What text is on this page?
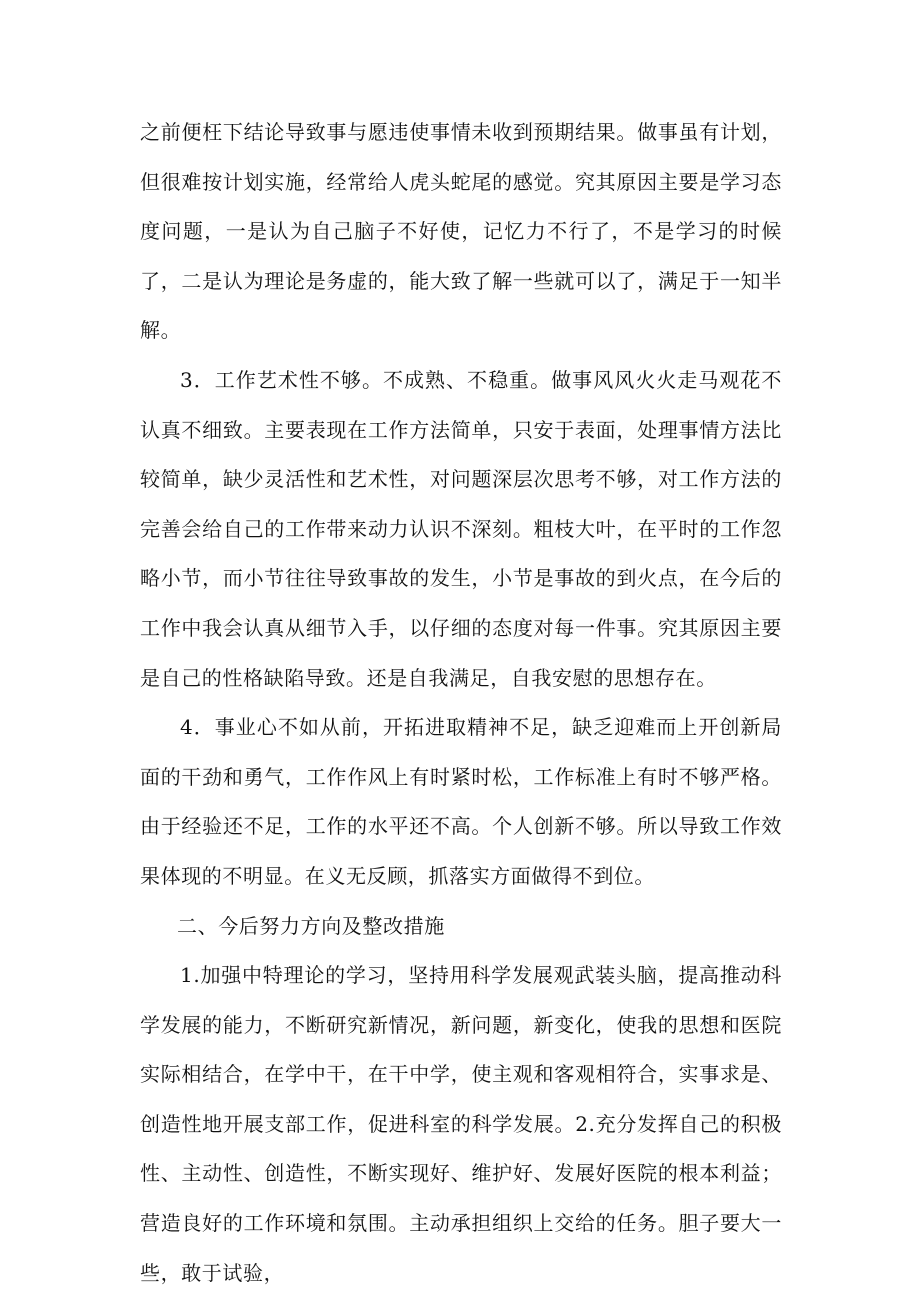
之前便枉下结论导致事与愿违使事情未收到预期结果。做事虽有计划，但很难按计划实施，经常给人虎头蛇尾的感觉。究其原因主要是学习态度问题，一是认为自己脑子不好使，记忆力不行了，不是学习的时候了，二是认为理论是务虚的，能大致了解一些就可以了，满足于一知半解。

3．工作艺术性不够。不成熟、不稳重。做事风风火火走马观花不认真不细致。主要表现在工作方法简单，只安于表面，处理事情方法比较简单，缺少灵活性和艺术性，对问题深层次思考不够，对工作方法的完善会给自己的工作带来动力认识不深刻。粗枝大叶，在平时的工作忽略小节，而小节往往导致事故的发生，小节是事故的到火点，在今后的工作中我会认真从细节入手，以仔细的态度对每一件事。究其原因主要是自己的性格缺陷导致。还是自我满足，自我安慰的思想存在。

4．事业心不如从前，开拓进取精神不足，缺乏迎难而上开创新局面的干劲和勇气，工作作风上有时紧时松，工作标准上有时不够严格。由于经验还不足，工作的水平还不高。个人创新不够。所以导致工作效果体现的不明显。在义无反顾，抓落实方面做得不到位。

二、今后努力方向及整改措施

1.加强中特理论的学习，坚持用科学发展观武装头脑，提高推动科学发展的能力，不断研究新情况，新问题，新变化，使我的思想和医院实际相结合，在学中干，在干中学，使主观和客观相符合，实事求是、创造性地开展支部工作，促进科室的科学发展。2.充分发挥自己的积极性、主动性、创造性，不断实现好、维护好、发展好医院的根本利益；营造良好的工作环境和氛围。主动承担组织上交给的任务。胆子要大一些，敢于试验，
